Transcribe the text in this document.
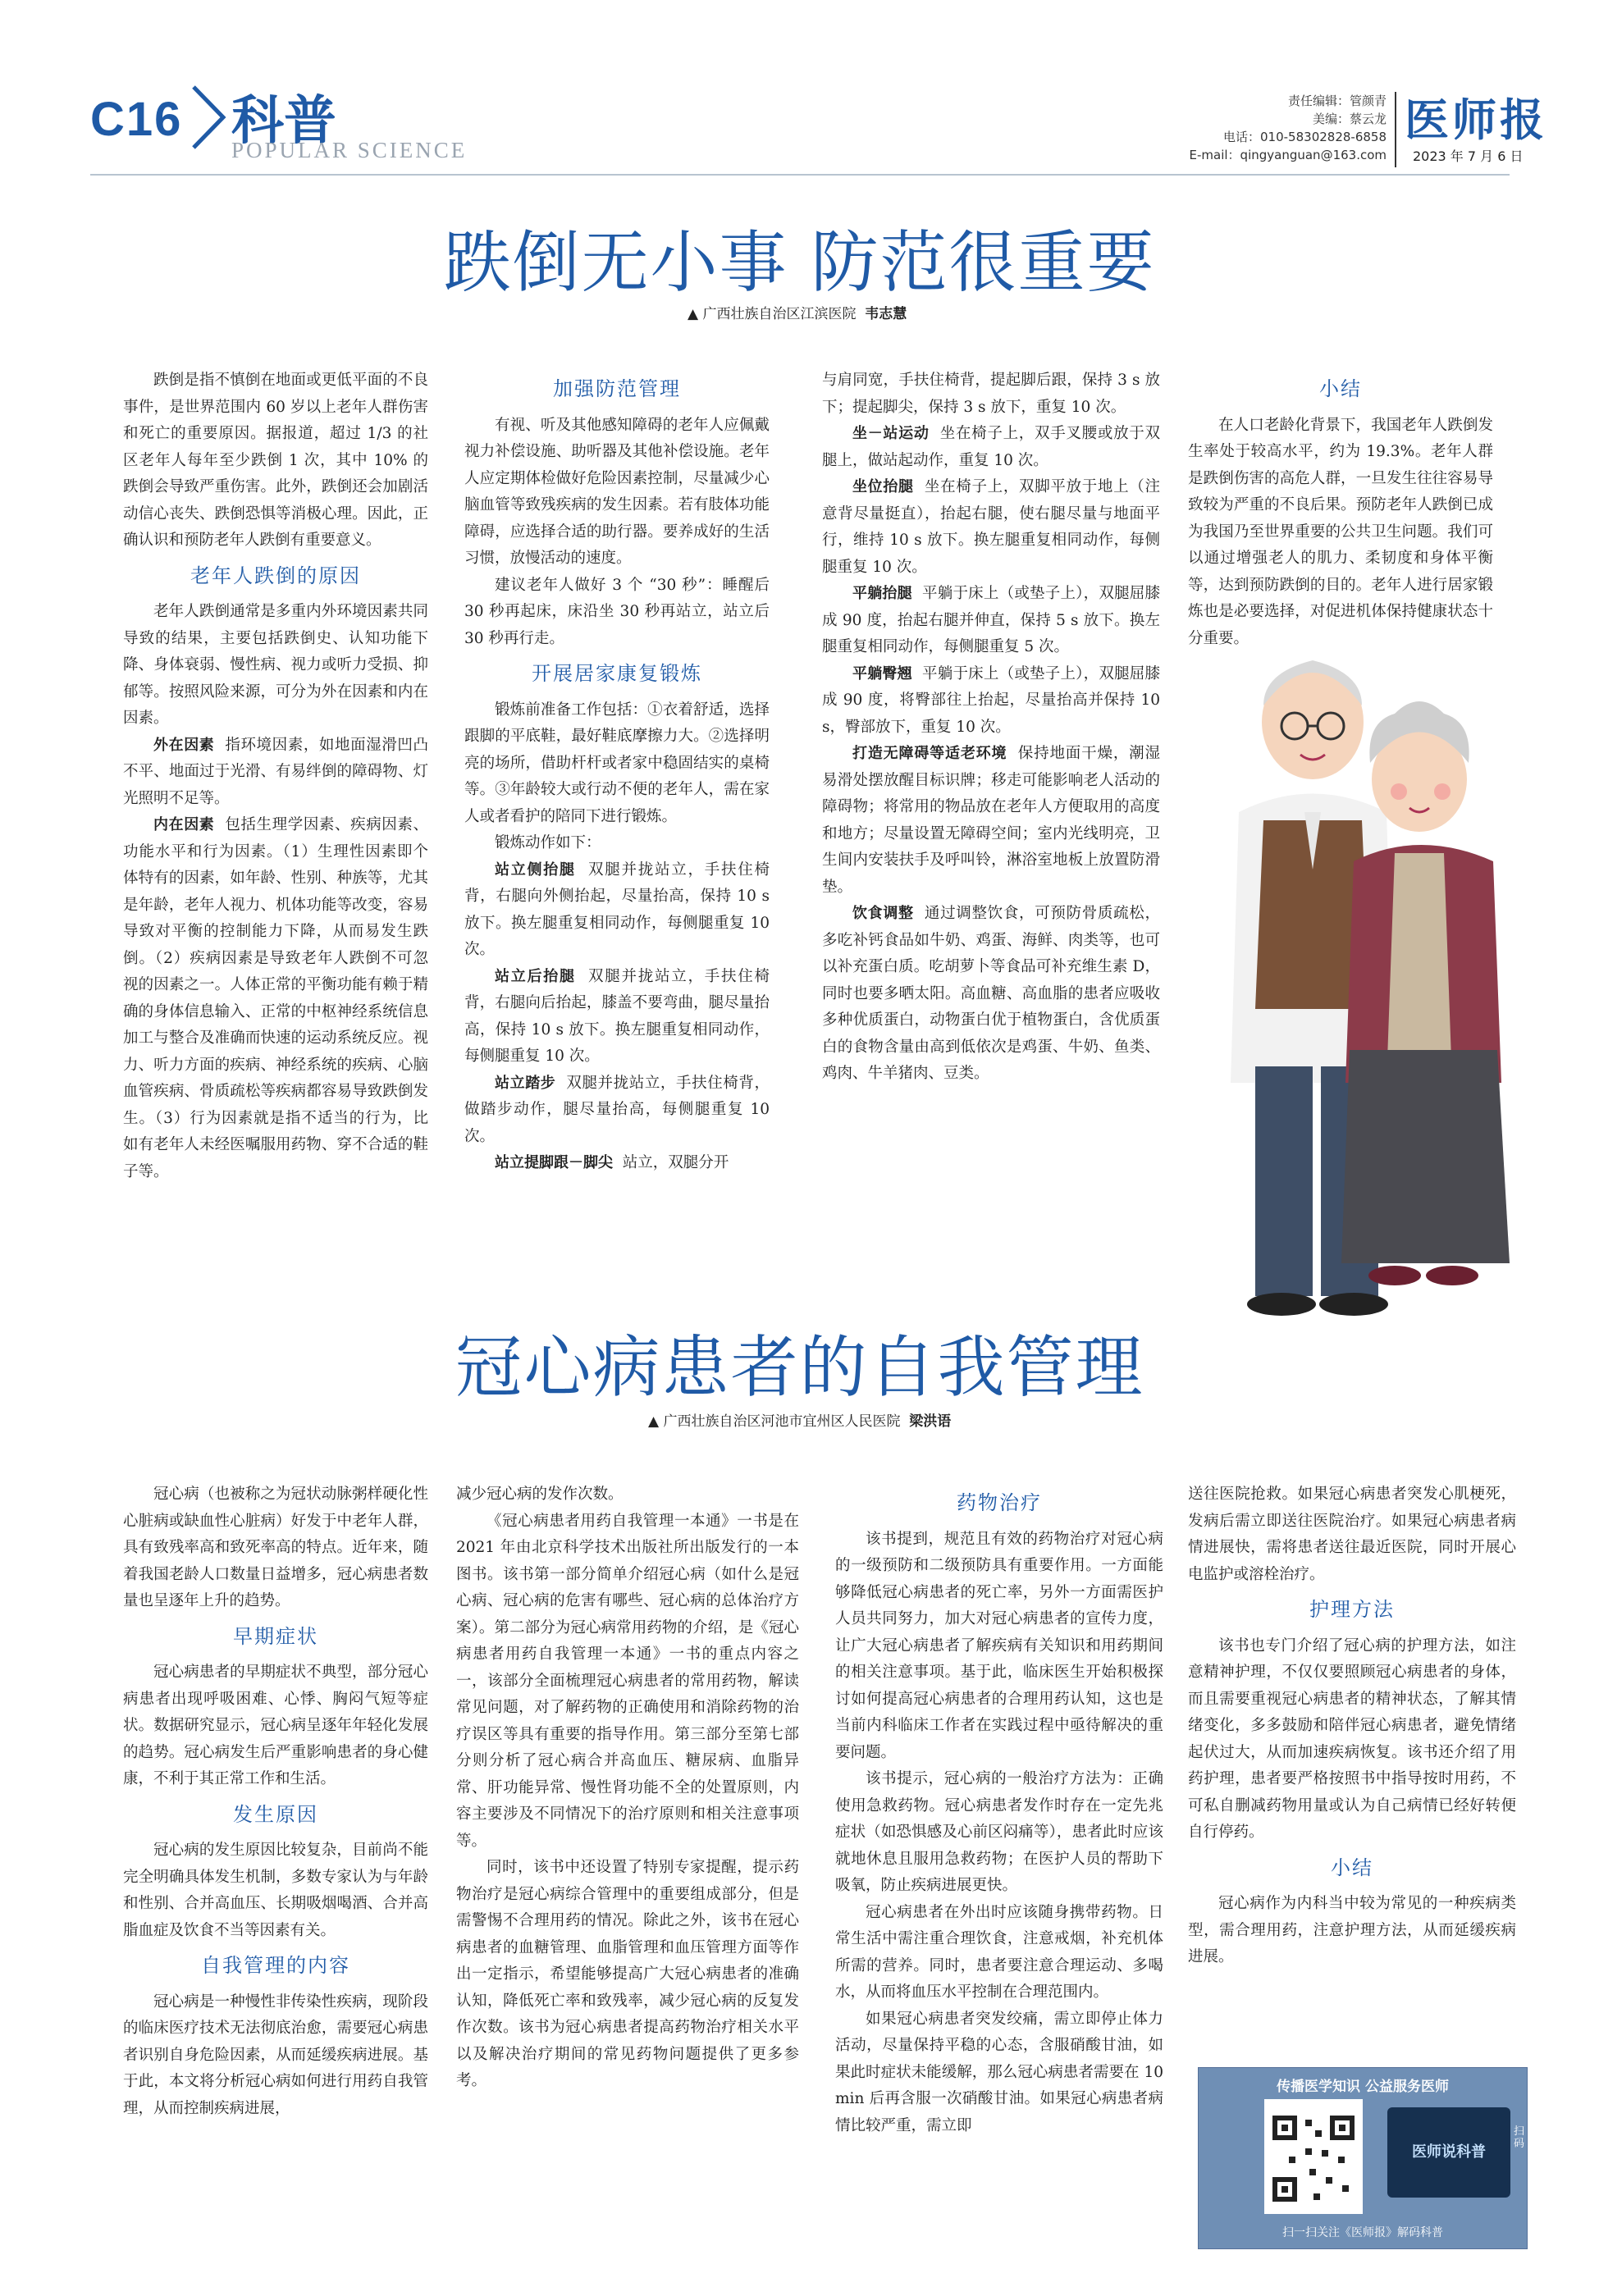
C16 科普
POPULAR SCIENCE
责任编辑：管颜青
美编：蔡云龙
电话：010-58302828-6858
E-mail：qingyanguan@163.com
医师报
2023 年 7 月 6 日
跌倒无小事 防范很重要
▲ 广西壮族自治区江滨医院 韦志慧

跌倒是指不慎倒在地面或更低平面的不良事件，是世界范围内 60 岁以上老年人群伤害和死亡的重要原因。据报道，超过 1/3 的社区老年人每年至少跌倒 1 次，其中 10% 的跌倒会导致严重伤害。此外，跌倒还会加剧活动信心丧失、跌倒恐惧等消极心理。因此，正确认识和预防老年人跌倒有重要意义。

老年人跌倒的原因

老年人跌倒通常是多重内外环境因素共同导致的结果，主要包括跌倒史、认知功能下降、身体衰弱、慢性病、视力或听力受损、抑郁等。按照风险来源，可分为外在因素和内在因素。

外在因素 指环境因素，如地面湿滑凹凸不平、地面过于光滑、有易绊倒的障碍物、灯光照明不足等。

内在因素 包括生理学因素、疾病因素、功能水平和行为因素。（1）生理性因素即个体特有的因素，如年龄、性别、种族等，尤其是年龄，老年人视力、机体功能等改变，容易导致对平衡的控制能力下降，从而易发生跌倒。（2）疾病因素是导致老年人跌倒不可忽视的因素之一。人体正常的平衡功能有赖于精确的身体信息输入、正常的中枢神经系统信息加工与整合及准确而快速的运动系统反应。视力、听力方面的疾病、神经系统的疾病、心脑血管疾病、骨质疏松等疾病都容易导致跌倒发生。（3）行为因素就是指不适当的行为，比如有老年人未经医嘱服用药物、穿不合适的鞋子等。

加强防范管理

有视、听及其他感知障碍的老年人应佩戴视力补偿设施、助听器及其他补偿设施。老年人应定期体检做好危险因素控制，尽量减少心脑血管等致残疾病的发生因素。若有肢体功能障碍，应选择合适的助行器。要养成好的生活习惯，放慢活动的速度。

建议老年人做好 3 个 “30 秒”：睡醒后 30 秒再起床，床沿坐 30 秒再站立，站立后 30 秒再行走。

开展居家康复锻炼

锻炼前准备工作包括：①衣着舒适，选择跟脚的平底鞋，最好鞋底摩擦力大。②选择明亮的场所，借助杆杆或者家中稳固结实的桌椅等。③年龄较大或行动不便的老年人，需在家人或者看护的陪同下进行锻炼。

锻炼动作如下：

站立侧抬腿 双腿并拢站立，手扶住椅背，右腿向外侧抬起，尽量抬高，保持 10 s 放下。换左腿重复相同动作，每侧腿重复 10 次。

站立后抬腿 双腿并拢站立，手扶住椅背，右腿向后抬起，膝盖不要弯曲，腿尽量抬高，保持 10 s 放下。换左腿重复相同动作，每侧腿重复 10 次。

站立踏步 双腿并拢站立，手扶住椅背，做踏步动作，腿尽量抬高，每侧腿重复 10 次。

站立提脚跟－脚尖 站立，双腿分开

与肩同宽，手扶住椅背，提起脚后跟，保持 3 s 放下；提起脚尖，保持 3 s 放下，重复 10 次。

坐－站运动 坐在椅子上，双手叉腰或放于双腿上，做站起动作，重复 10 次。

坐位抬腿 坐在椅子上，双脚平放于地上（注意背尽量挺直），抬起右腿，使右腿尽量与地面平行，维持 10 s 放下。换左腿重复相同动作，每侧腿重复 10 次。

平躺抬腿 平躺于床上（或垫子上），双腿屈膝成 90 度，抬起右腿并伸直，保持 5 s 放下。换左腿重复相同动作，每侧腿重复 5 次。

平躺臀翘 平躺于床上（或垫子上），双腿屈膝成 90 度，将臀部往上抬起，尽量抬高并保持 10 s，臀部放下，重复 10 次。

打造无障碍等适老环境 保持地面干燥，潮湿易滑处摆放醒目标识牌；移走可能影响老人活动的障碍物；将常用的物品放在老年人方便取用的高度和地方；尽量设置无障碍空间；室内光线明亮，卫生间内安装扶手及呼叫铃，淋浴室地板上放置防滑垫。

饮食调整 通过调整饮食，可预防骨质疏松，多吃补钙食品如牛奶、鸡蛋、海鲜、肉类等，也可以补充蛋白质。吃胡萝卜等食品可补充维生素 D，同时也要多晒太阳。高血糖、高血脂的患者应吸收多种优质蛋白，动物蛋白优于植物蛋白，含优质蛋白的食物含量由高到低依次是鸡蛋、牛奶、鱼类、鸡肉、牛羊猪肉、豆类。

小结

在人口老龄化背景下，我国老年人跌倒发生率处于较高水平，约为 19.3%。老年人群是跌倒伤害的高危人群，一旦发生往往容易导致较为严重的不良后果。预防老年人跌倒已成为我国乃至世界重要的公共卫生问题。我们可以通过增强老人的肌力、柔韧度和身体平衡等，达到预防跌倒的目的。老年人进行居家锻炼也是必要选择，对促进机体保持健康状态十分重要。

冠心病患者的自我管理
▲ 广西壮族自治区河池市宜州区人民医院 梁洪语

冠心病（也被称之为冠状动脉粥样硬化性心脏病或缺血性心脏病）好发于中老年人群，具有致残率高和致死率高的特点。近年来，随着我国老龄人口数量日益增多，冠心病患者数量也呈逐年上升的趋势。

早期症状

冠心病患者的早期症状不典型，部分冠心病患者出现呼吸困难、心悸、胸闷气短等症状。数据研究显示，冠心病呈逐年年轻化发展的趋势。冠心病发生后严重影响患者的身心健康，不利于其正常工作和生活。

发生原因

冠心病的发生原因比较复杂，目前尚不能完全明确具体发生机制，多数专家认为与年龄和性别、合并高血压、长期吸烟喝酒、合并高脂血症及饮食不当等因素有关。

自我管理的内容

冠心病是一种慢性非传染性疾病，现阶段的临床医疗技术无法彻底治愈，需要冠心病患者识别自身危险因素，从而延缓疾病进展。基于此，本文将分析冠心病如何进行用药自我管理，从而控制疾病进展，

减少冠心病的发作次数。

《冠心病患者用药自我管理一本通》一书是在 2021 年由北京科学技术出版社所出版发行的一本图书。该书第一部分简单介绍冠心病（如什么是冠心病、冠心病的危害有哪些、冠心病的总体治疗方案）。第二部分为冠心病常用药物的介绍，是《冠心病患者用药自我管理一本通》一书的重点内容之一，该部分全面梳理冠心病患者的常用药物，解读常见问题，对了解药物的正确使用和消除药物的治疗误区等具有重要的指导作用。第三部分至第七部分则分析了冠心病合并高血压、糖尿病、血脂异常、肝功能异常、慢性肾功能不全的处置原则，内容主要涉及不同情况下的治疗原则和相关注意事项等。

同时，该书中还设置了特别专家提醒，提示药物治疗是冠心病综合管理中的重要组成部分，但是需警惕不合理用药的情况。除此之外，该书在冠心病患者的血糖管理、血脂管理和血压管理方面等作出一定指示，希望能够提高广大冠心病患者的准确认知，降低死亡率和致残率，减少冠心病的反复发作次数。该书为冠心病患者提高药物治疗相关水平以及解决治疗期间的常见药物问题提供了更多参考。

药物治疗

该书提到，规范且有效的药物治疗对冠心病的一级预防和二级预防具有重要作用。一方面能够降低冠心病患者的死亡率，另外一方面需医护人员共同努力，加大对冠心病患者的宣传力度，让广大冠心病患者了解疾病有关知识和用药期间的相关注意事项。基于此，临床医生开始积极探讨如何提高冠心病患者的合理用药认知，这也是当前内科临床工作者在实践过程中亟待解决的重要问题。

该书提示，冠心病的一般治疗方法为：正确使用急救药物。冠心病患者发作时存在一定先兆症状（如恐惧感及心前区闷痛等），患者此时应该就地休息且服用急救药物；在医护人员的帮助下吸氧，防止疾病进展更快。

冠心病患者在外出时应该随身携带药物。日常生活中需注重合理饮食，注意戒烟，补充机体所需的营养。同时，患者要注意合理运动、多喝水，从而将血压水平控制在合理范围内。

如果冠心病患者突发绞痛，需立即停止体力活动，尽量保持平稳的心态，含服硝酸甘油，如果此时症状未能缓解，那么冠心病患者需要在 10 min 后再含服一次硝酸甘油。如果冠心病患者病情比较严重，需立即

送往医院抢救。如果冠心病患者突发心肌梗死，发病后需立即送往医院治疗。如果冠心病患者病情进展快，需将患者送往最近医院，同时开展心电监护或溶栓治疗。

护理方法

该书也专门介绍了冠心病的护理方法，如注意精神护理，不仅仅要照顾冠心病患者的身体，而且需要重视冠心病患者的精神状态，了解其情绪变化，多多鼓励和陪伴冠心病患者，避免情绪起伏过大，从而加速疾病恢复。该书还介绍了用药护理，患者要严格按照书中指导按时用药，不可私自删减药物用量或认为自己病情已经好转便自行停药。

小结

冠心病作为内科当中较为常见的一种疾病类型，需合理用药，注意护理方法，从而延缓疾病进展。

传播医学知识 公益服务医师
医师说科普
扫码
扫一扫关注《医师报》解码科普
